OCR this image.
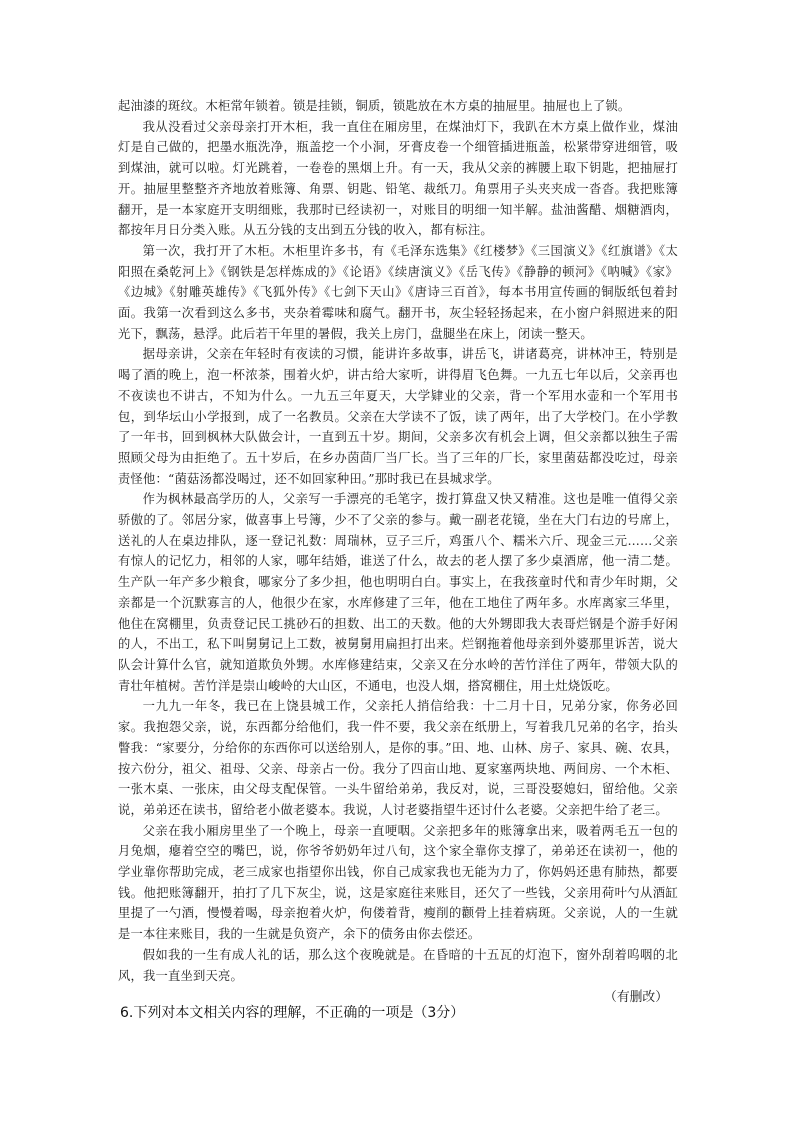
起油漆的斑纹。木柜常年锁着。锁是挂锁，铜质，锁匙放在木方桌的抽屉里。抽屉也上了锁。

我从没看过父亲母亲打开木柜，我一直住在厢房里，在煤油灯下，我趴在木方桌上做作业，煤油灯是自己做的，把墨水瓶洗净，瓶盖挖一个小洞，牙膏皮卷一个细管插进瓶盖，松紧带穿进细管，吸到煤油，就可以啦。灯光跳着，一卷卷的黑烟上升。有一天，我从父亲的裤腰上取下钥匙，把抽屉打开。抽屉里整整齐齐地放着账簿、角票、钥匙、铅笔、裁纸刀。角票用子头夹夹成一沓沓。我把账簿翻开，是一本家庭开支明细账，我那时已经读初一，对账目的明细一知半解。盐油酱醋、烟糖酒肉，都按年月日分类入账。从五分钱的支出到五分钱的收入，都有标注。

第一次，我打开了木柜。木柜里许多书，有《毛泽东选集》《红楼梦》《三国演义》《红旗谱》《太阳照在桑乾河上》《钢铁是怎样炼成的》《论语》《续唐演义》《岳飞传》《静静的顿河》《呐喊》《家》《边城》《射雕英雄传》《飞狐外传》《七剑下天山》《唐诗三百首》，每本书用宣传画的铜版纸包着封面。我第一次看到这么多书，夹杂着霉味和腐气。翻开书，灰尘轻轻扬起来，在小窗户斜照进来的阳光下，飘荡，悬浮。此后若干年里的暑假，我关上房门，盘腿坐在床上，闭读一整天。

据母亲讲，父亲在年轻时有夜读的习惯，能讲许多故事，讲岳飞，讲诸葛亮，讲林冲王，特别是喝了酒的晚上，泡一杯浓茶，围着火炉，讲古给大家听，讲得眉飞色舞。一九五七年以后，父亲再也不夜读也不讲古，不知为什么。一九五三年夏天，大学肄业的父亲，背一个军用水壶和一个军用书包，到华坛山小学报到，成了一名教员。父亲在大学读不了饭，读了两年，出了大学校门。在小学教了一年书，回到枫林大队做会计，一直到五十岁。期间，父亲多次有机会上调，但父亲都以独生子需照顾父母为由拒绝了。五十岁后，在乡办茵茴厂当厂长。当了三年的厂长，家里菌菇都没吃过，母亲责怪他：“菌菇汤都没喝过，还不如回家种田。”那时我已在县城求学。

作为枫林最高学历的人，父亲写一手漂亮的毛笔字，拨打算盘又快又精准。这也是唯一值得父亲骄傲的了。邻居分家，做喜事上号簿，少不了父亲的参与。戴一副老花镜，坐在大门右边的号席上，送礼的人在桌边排队，逐一登记礼数：周瑞林，豆子三斤，鸡蛋八个、糯米六斤、现金三元……父亲有惊人的记忆力，相邻的人家，哪年结婚，谁送了什么，故去的老人摆了多少桌酒席，他一清二楚。生产队一年产多少粮食，哪家分了多少担，他也明明白白。事实上，在我孩童时代和青少年时期，父亲都是一个沉默寡言的人，他很少在家，水库修建了三年，他在工地住了两年多。水库离家三华里，他住在窝棚里，负责登记民工挑砂石的担数、出工的天数。他的大外甥即我大表哥烂钢是个游手好闲的人，不出工，私下叫舅舅记上工数，被舅舅用扁担打出来。烂钢拖着他母亲到外婆那里诉苦，说大队会计算什么官，就知道欺负外甥。水库修建结束，父亲又在分水岭的苦竹洋住了两年，带领大队的青壮年植树。苦竹洋是崇山峻岭的大山区，不通电，也没人烟，搭窝棚住，用土灶烧饭吃。

一九九一年冬，我已在上饶县城工作，父亲托人捎信给我：十二月十日，兄弟分家，你务必回家。我抱怨父亲，说，东西都分给他们，我一件不要，我父亲在纸册上，写着我几兄弟的名字，抬头瞥我：“家要分，分给你的东西你可以送给别人，是你的事。”田、地、山林、房子、家具、碗、农具，按六份分，祖父、祖母、父亲、母亲占一份。我分了四亩山地、夏家塞两块地、两间房、一个木柜、一张木桌、一张床，由父母支配保管。一头牛留给弟弟，我反对，说，三哥没娶媳妇，留给他。父亲说，弟弟还在读书，留给老小做老婆本。我说，人讨老婆指望牛还讨什么老婆。父亲把牛给了老三。

父亲在我小厢房里坐了一个晚上，母亲一直哽咽。父亲把多年的账簿拿出来，吸着两毛五一包的月兔烟，瘪着空空的嘴巴，说，你爷爷奶奶年过八旬，这个家全靠你支撑了，弟弟还在读初一，他的学业靠你帮助完成，老三成家也指望你出钱，你自己成家我也无能为力了，你妈妈还患有肺热，都要钱。他把账簿翻开，拍打了几下灰尘，说，这是家庭往来账目，还欠了一些钱，父亲用荷叶勺从酒缸里提了一勺酒，慢慢着喝，母亲抱着火炉，佝偻着背，瘦削的颧骨上挂着病斑。父亲说，人的一生就是一本往来账目，我的一生就是负资产，余下的债务由你去偿还。

假如我的一生有成人礼的话，那么这个夜晚就是。在昏暗的十五瓦的灯泡下，窗外刮着呜咽的北风，我一直坐到天亮。

（有删改）
6.下列对本文相关内容的理解，不正确的一项是（3分）
